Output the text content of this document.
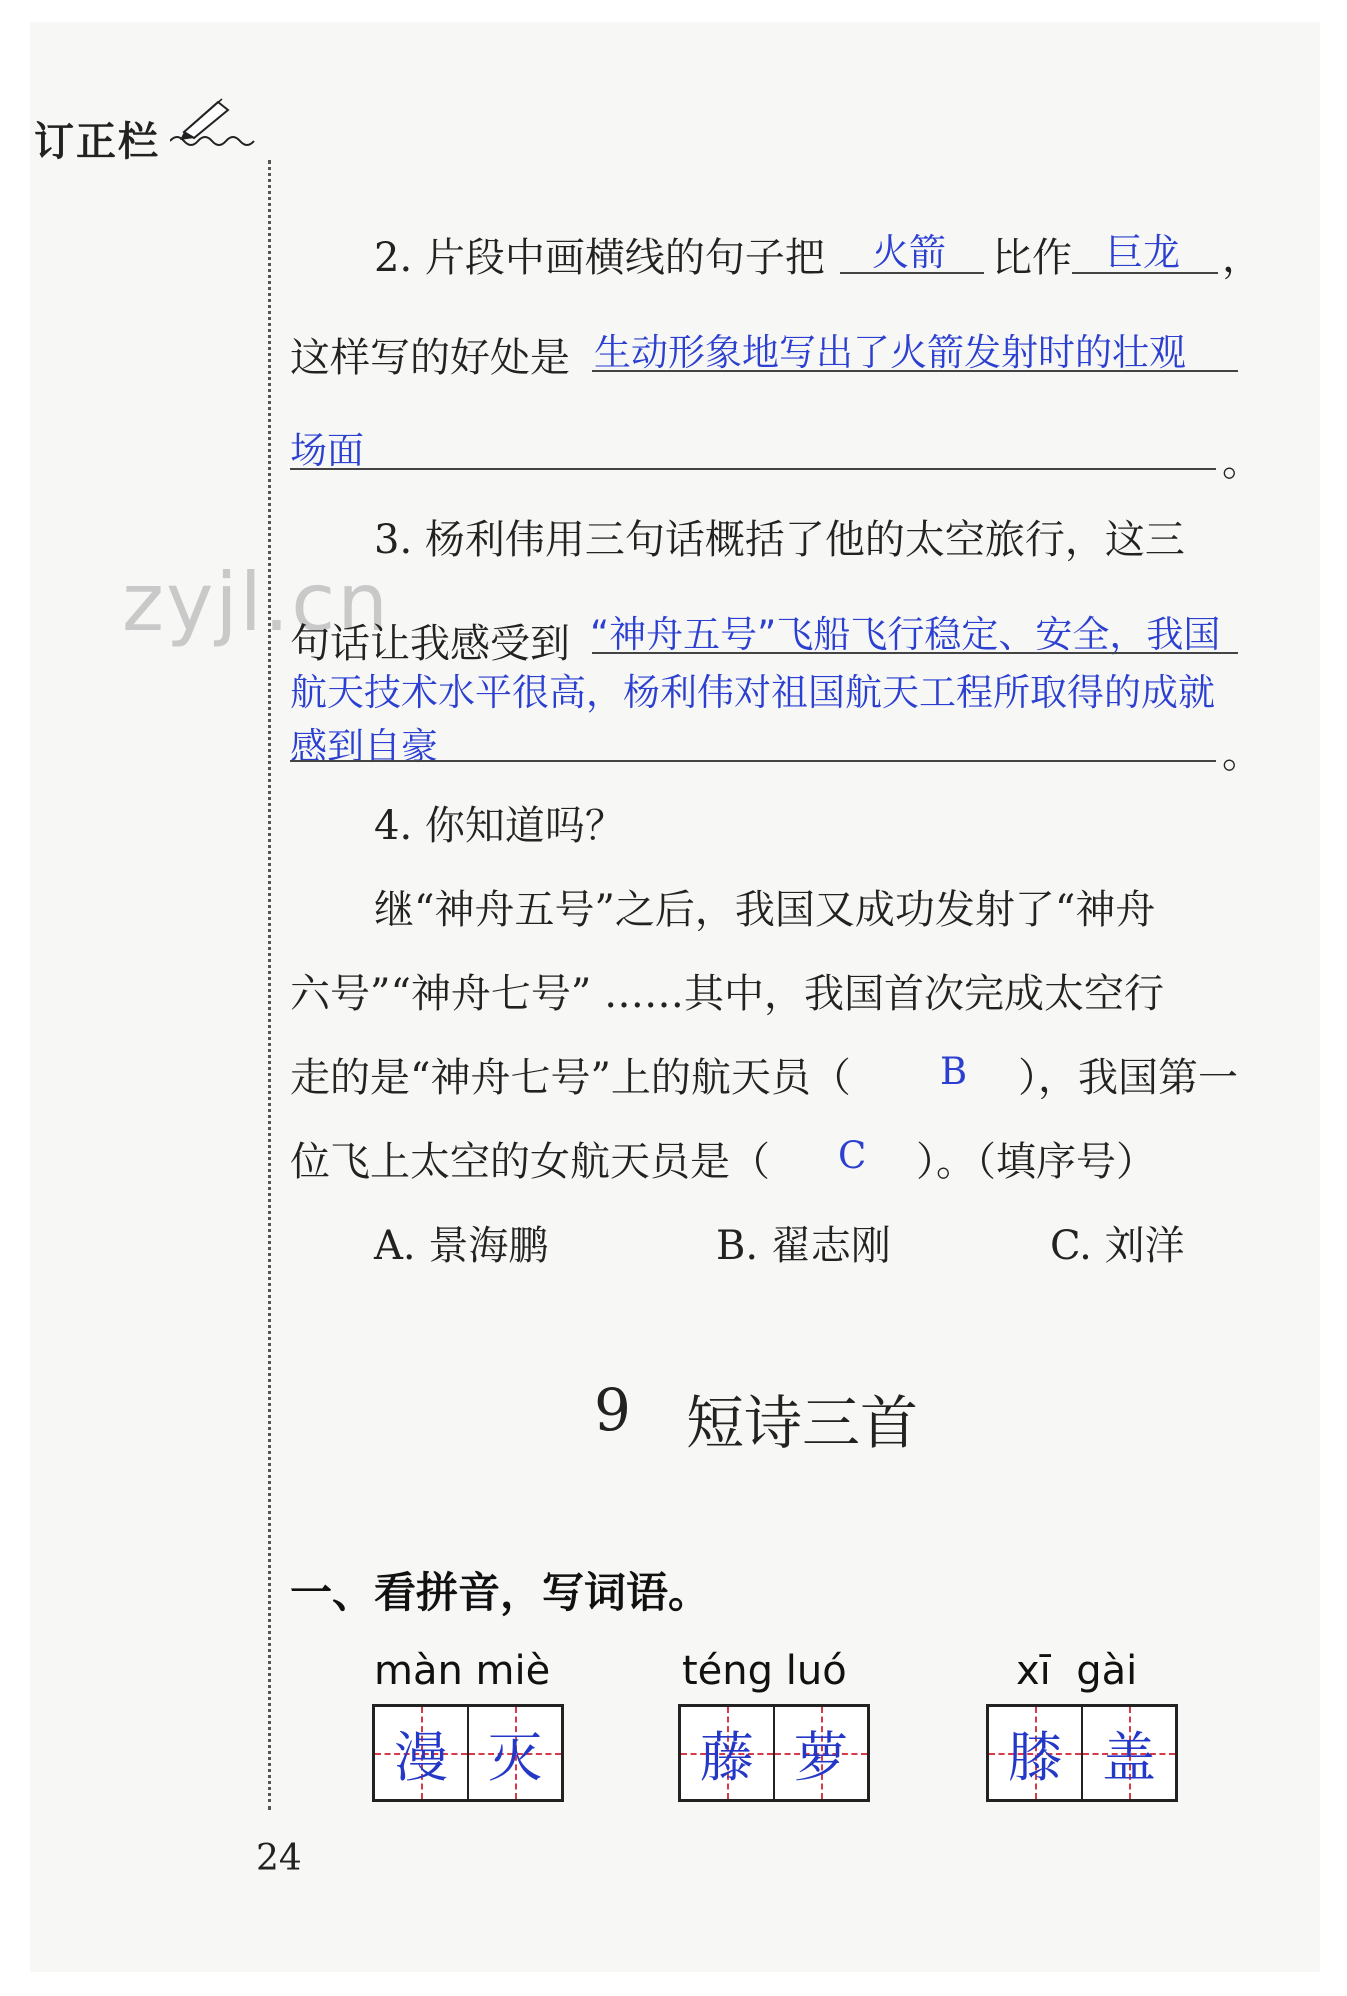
订正栏
zyjl.cn
2. 片段中画横线的句子把 火箭 比作 巨龙 ，
这样写的好处是 生动形象地写出了火箭发射时的壮观
场面	。
3. 杨利伟用三句话概括了他的太空旅行，这三
句话让我感受到 “神舟五号”飞船飞行稳定、安全，我国
航天技术水平很高，杨利伟对祖国航天工程所取得的成就
感到自豪	。
4. 你知道吗？
继“神舟五号”之后，我国又成功发射了“神舟
六号”“神舟七号” ……其中，我国首次完成太空行
走的是“神舟七号”上的航天员（ B ），我国第一
位飞上太空的女航天员是（ C ）。（填序号）
A. 景海鹏	B. 翟志刚	C. 刘洋
9 短诗三首
一、看拼音，写词语。
màn miè
漫 灭
téng luó
藤 萝
xī  gài
膝 盖
24
